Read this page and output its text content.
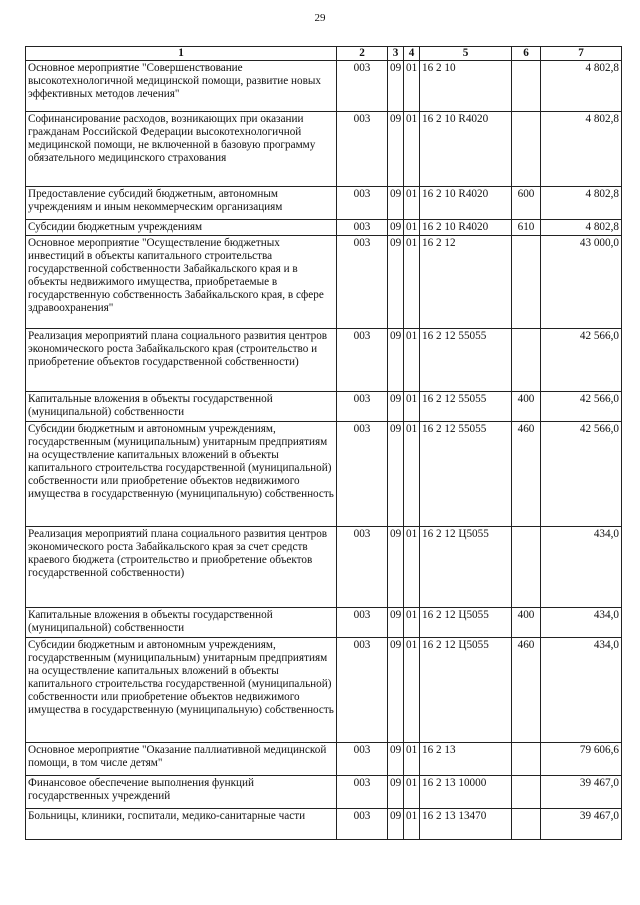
29
1	2	3	4	5	6	7
Основное мероприятие "Совершенствование высокотехнологичной медицинской помощи, развитие новых эффективных методов лечения"	003	09	01	16 2 10		4 802,8
Софинансирование расходов, возникающих при оказании гражданам Российской Федерации высокотехнологичной медицинской помощи, не включенной в базовую программу обязательного медицинского страхования	003	09	01	16 2 10 R4020		4 802,8
Предоставление субсидий бюджетным, автономным учреждениям и иным некоммерческим организациям	003	09	01	16 2 10 R4020	600	4 802,8
Субсидии бюджетным учреждениям	003	09	01	16 2 10 R4020	610	4 802,8
Основное мероприятие "Осуществление бюджетных инвестиций в объекты капитального строительства государственной собственности Забайкальского края и в объекты недвижимого имущества, приобретаемые в государственную собственность Забайкальского края, в сфере здравоохранения"	003	09	01	16 2 12		43 000,0
Реализация мероприятий плана социального развития центров экономического роста Забайкальского края (строительство и приобретение объектов государственной собственности)	003	09	01	16 2 12 55055		42 566,0
Капитальные вложения в объекты государственной (муниципальной) собственности	003	09	01	16 2 12 55055	400	42 566,0
Субсидии бюджетным и автономным учреждениям, государственным (муниципальным) унитарным предприятиям на осуществление капитальных вложений в объекты капитального строительства государственной (муниципальной) собственности или приобретение объектов недвижимого имущества в государственную (муниципальную) собственность	003	09	01	16 2 12 55055	460	42 566,0
Реализация мероприятий плана социального развития центров экономического роста Забайкальского края за счет средств краевого бюджета (строительство и приобретение объектов государственной собственности)	003	09	01	16 2 12 Ц5055		434,0
Капитальные вложения в объекты государственной (муниципальной) собственности	003	09	01	16 2 12 Ц5055	400	434,0
Субсидии бюджетным и автономным учреждениям, государственным (муниципальным) унитарным предприятиям на осуществление капитальных вложений в объекты капитального строительства государственной (муниципальной) собственности или приобретение объектов недвижимого имущества в государственную (муниципальную) собственность	003	09	01	16 2 12 Ц5055	460	434,0
Основное мероприятие "Оказание паллиативной медицинской помощи, в том числе детям"	003	09	01	16 2 13		79 606,6
Финансовое обеспечение выполнения функций государственных учреждений	003	09	01	16 2 13 10000		39 467,0
Больницы, клиники, госпитали, медико-санитарные части	003	09	01	16 2 13 13470		39 467,0
